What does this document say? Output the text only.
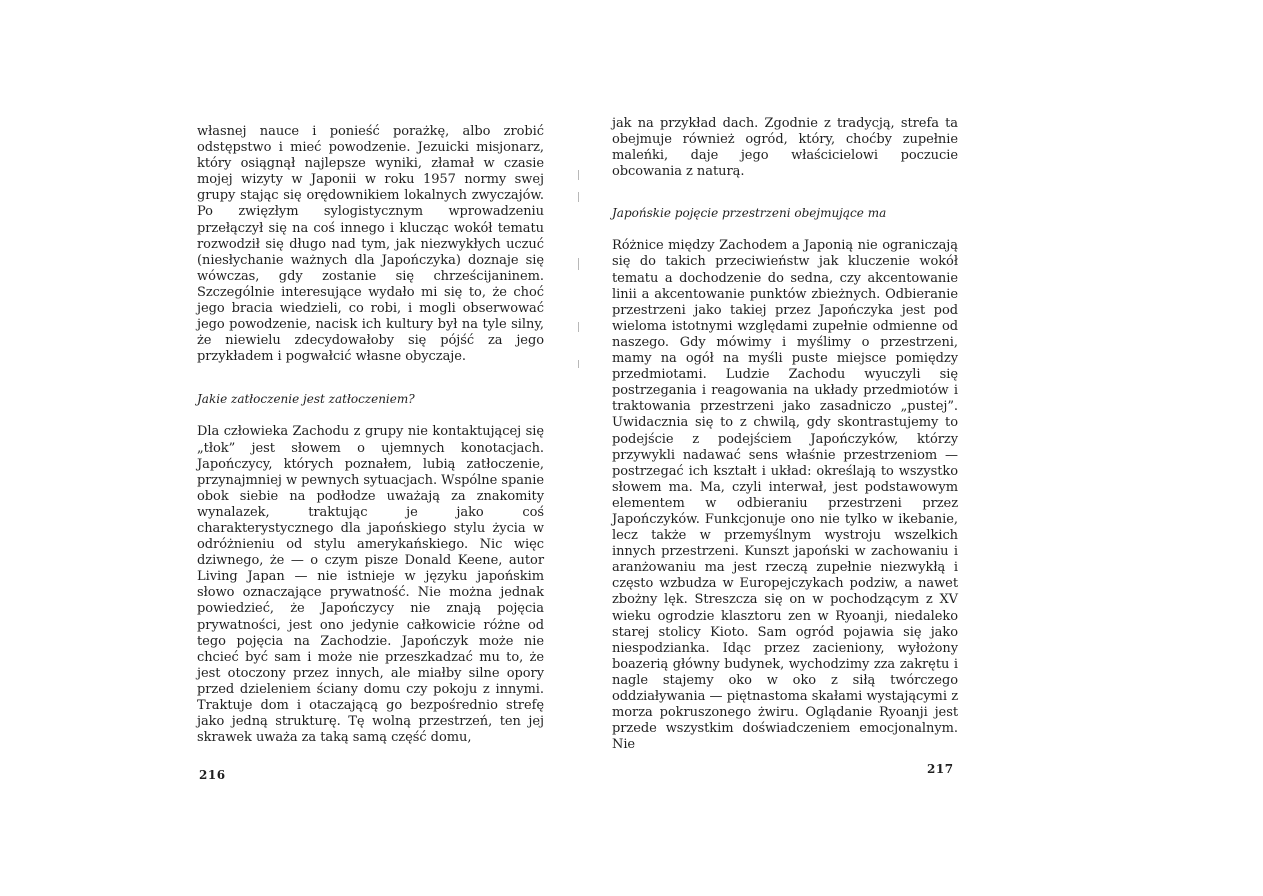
własnej nauce i ponieść porażkę, albo zrobić odstępstwo i mieć powodzenie. Jezuicki misjonarz, który osiągnął najlepsze wyniki, złamał w czasie mojej wizyty w Japonii w roku 1957 normy swej grupy stając się orędownikiem lokalnych zwyczajów. Po zwięzłym sylogistycznym wprowadzeniu przełączył się na coś innego i klucząc wokół tematu rozwodził się długo nad tym, jak niezwykłych uczuć (niesłychanie ważnych dla Japończyka) doznaje się wówczas, gdy zostanie się chrześcijaninem. Szczególnie interesujące wydało mi się to, że choć jego bracia wiedzieli, co robi, i mogli obserwować jego powodzenie, nacisk ich kultury był na tyle silny, że niewielu zdecydowałoby się pójść za jego przykładem i pogwałcić własne obyczaje.

Jakie zatłoczenie jest zatłoczeniem?

Dla człowieka Zachodu z grupy nie kontaktującej się „tłok” jest słowem o ujemnych konotacjach. Japończycy, których poznałem, lubią zatłoczenie, przynajmniej w pewnych sytuacjach. Wspólne spanie obok siebie na podłodze uważają za znakomity wynalazek, traktując je jako coś charakterystycznego dla japońskiego stylu życia w odróżnieniu od stylu amerykańskiego. Nic więc dziwnego, że — o czym pisze Donald Keene, autor Living Japan — nie istnieje w języku japońskim słowo oznaczające prywatność. Nie można jednak powiedzieć, że Japończycy nie znają pojęcia prywatności, jest ono jedynie całkowicie różne od tego pojęcia na Zachodzie. Japończyk może nie chcieć być sam i może nie przeszkadzać mu to, że jest otoczony przez innych, ale miałby silne opory przed dzieleniem ściany domu czy pokoju z innymi. Traktuje dom i otaczającą go bezpośrednio strefę jako jedną strukturę. Tę wolną przestrzeń, ten jej skrawek uważa za taką samą część domu,

216

jak na przykład dach. Zgodnie z tradycją, strefa ta obejmuje również ogród, który, choćby zupełnie maleńki, daje jego właścicielowi poczucie obcowania z naturą.

Japońskie pojęcie przestrzeni obejmujące ma

Różnice między Zachodem a Japonią nie ograniczają się do takich przeciwieństw jak kluczenie wokół tematu a dochodzenie do sedna, czy akcentowanie linii a akcentowanie punktów zbieżnych. Odbieranie przestrzeni jako takiej przez Japończyka jest pod wieloma istotnymi względami zupełnie odmienne od naszego. Gdy mówimy i myślimy o przestrzeni, mamy na ogół na myśli puste miejsce pomiędzy przedmiotami. Ludzie Zachodu wyuczyli się postrzegania i reagowania na układy przedmiotów i traktowania przestrzeni jako zasadniczo „pustej”. Uwidacznia się to z chwilą, gdy skontrastujemy to podejście z podejściem Japończyków, którzy przywykli nadawać sens właśnie przestrzeniom — postrzegać ich kształt i układ: określają to wszystko słowem ma. Ma, czyli interwał, jest podstawowym elementem w odbieraniu przestrzeni przez Japończyków. Funkcjonuje ono nie tylko w ikebanie, lecz także w przemyślnym wystroju wszelkich innych przestrzeni. Kunszt japoński w zachowaniu i aranżowaniu ma jest rzeczą zupełnie niezwykłą i często wzbudza w Europejczykach podziw, a nawet zbożny lęk. Streszcza się on w pochodzącym z XV wieku ogrodzie klasztoru zen w Ryoanji, niedaleko starej stolicy Kioto. Sam ogród pojawia się jako niespodzianka. Idąc przez zacieniony, wyłożony boazerią główny budynek, wychodzimy zza zakrętu i nagle stajemy oko w oko z siłą twórczego oddziaływania — piętnastoma skałami wystającymi z morza pokruszonego żwiru. Oglądanie Ryoanji jest przede wszystkim doświadczeniem emocjonalnym. Nie

217
